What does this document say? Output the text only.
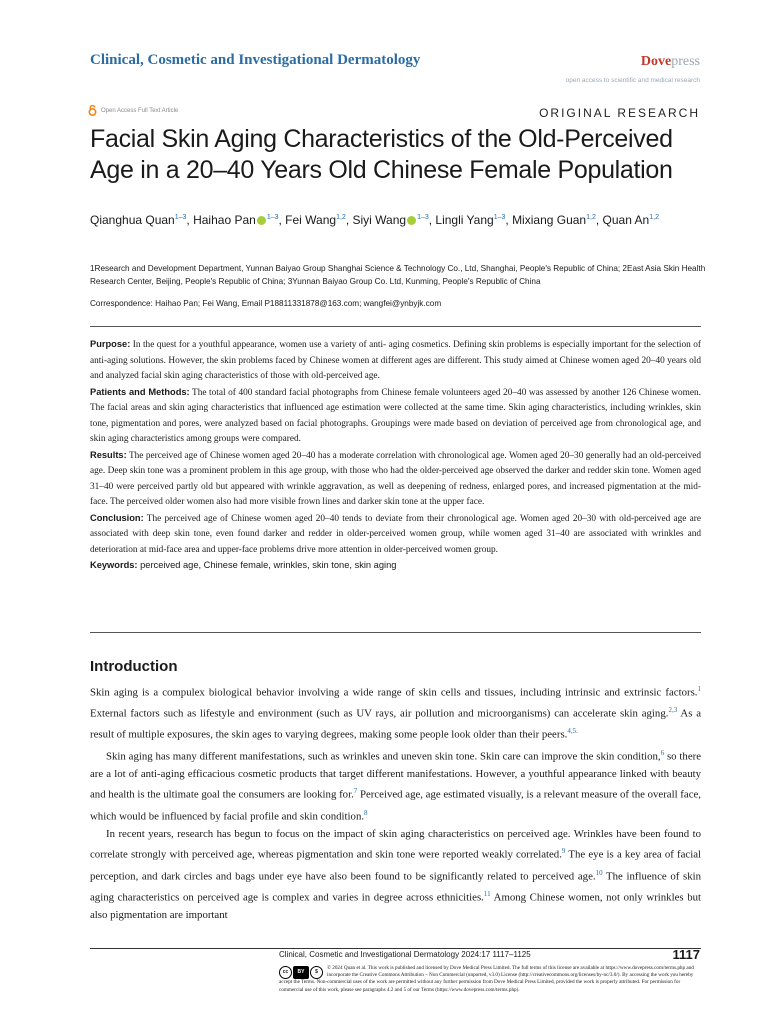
Clinical, Cosmetic and Investigational Dermatology	Dovepress
open access to scientific and medical research
Open Access Full Text Article	ORIGINAL RESEARCH
Facial Skin Aging Characteristics of the Old-Perceived Age in a 20–40 Years Old Chinese Female Population
Qianghua Quan$^{1-3}$, Haihao Pan $^{1-3}$, Fei Wang$^{1,2}$, Siyi Wang $^{1-3}$, Lingli Yang$^{1-3}$, Mixiang Guan$^{1,2}$, Quan An$^{1,2}$
1Research and Development Department, Yunnan Baiyao Group Shanghai Science & Technology Co., Ltd, Shanghai, People's Republic of China; 2East Asia Skin Health Research Center, Beijing, People's Republic of China; 3Yunnan Baiyao Group Co. Ltd, Kunming, People's Republic of China
Correspondence: Haihao Pan; Fei Wang, Email P18811331878@163.com; wangfei@ynbyjk.com

Purpose: In the quest for a youthful appearance, women use a variety of anti- aging cosmetics. Defining skin problems is especially important for the selection of anti-aging solutions. However, the skin problems faced by Chinese women at different ages are different. This study aimed at Chinese women aged 20–40 years old and analyzed facial skin aging characteristics of those with old-perceived age.

Patients and Methods: The total of 400 standard facial photographs from Chinese female volunteers aged 20–40 was assessed by another 126 Chinese women. The facial areas and skin aging characteristics that influenced age estimation were collected at the same time. Skin aging characteristics, including wrinkles, skin tone, pigmentation and pores, were analyzed based on facial photographs. Groupings were made based on deviation of perceived age from chronological age, and skin aging characteristics among groups were compared.

Results: The perceived age of Chinese women aged 20–40 has a moderate correlation with chronological age. Women aged 20–30 generally had an old-perceived age. Deep skin tone was a prominent problem in this age group, with those who had the older-perceived age observed the darker and redder skin tone. Women aged 31–40 were perceived partly old but appeared with wrinkle aggravation, as well as deepening of redness, enlarged pores, and increased pigmentation at the mid-face. The perceived older women also had more visible frown lines and darker skin tone at the upper face.

Conclusion: The perceived age of Chinese women aged 20–40 tends to deviate from their chronological age. Women aged 20–30 with old-perceived age are associated with deep skin tone, even found darker and redder in older-perceived women group, while women aged 31–40 are associated with wrinkles and deterioration at mid-face area and upper-face problems drive more attention in older-perceived women group.

Keywords: perceived age, Chinese female, wrinkles, skin tone, skin aging

Introduction

Skin aging is a compulex biological behavior involving a wide range of skin cells and tissues, including intrinsic and extrinsic factors.$^1$ External factors such as lifestyle and environment (such as UV rays, air pollution and microorganisms) can accelerate skin aging.$^{2,3}$ As a result of multiple exposures, the skin ages to varying degrees, making some people look older than their peers.$^{4,5.}$

Skin aging has many different manifestations, such as wrinkles and uneven skin tone. Skin care can improve the skin condition,$^6$ so there are a lot of anti-aging efficacious cosmetic products that target different manifestations. However, a youthful appearance linked with beauty and health is the ultimate goal the consumers are looking for.$^7$ Perceived age, age estimated visually, is a relevant measure of the overall face, which would be influenced by facial profile and skin condition.$^8$

In recent years, research has begun to focus on the impact of skin aging characteristics on perceived age. Wrinkles have been found to correlate strongly with perceived age, whereas pigmentation and skin tone were reported weakly correlated.$^9$ The eye is a key area of facial perception, and dark circles and bags under eye have also been found to be significantly related to perceived age.$^{10}$ The influence of skin aging characteristics on perceived age is complex and varies in degree across ethnicities.$^{11}$ Among Chinese women, not only wrinkles but also pigmentation are important

Clinical, Cosmetic and Investigational Dermatology 2024:17 1117–1125	1117
cc	BY	$
© 2024 Quan et al. This work is published and licensed by Dove Medical Press Limited. The full terms of this license are available at https://www.dovepress.com/terms.php and incorporate the Creative Commons Attribution – Non Commercial (unported, v3.0) License (http://creativecommons.org/licenses/by-nc/3.0/). By accessing the work you hereby accept the Terms. Non-commercial uses of the work are permitted without any further permission from Dove Medical Press Limited, provided the work is properly attributed. For permission for commercial use of this work, please see paragraphs 4.2 and 5 of our Terms (https://www.dovepress.com/terms.php).
